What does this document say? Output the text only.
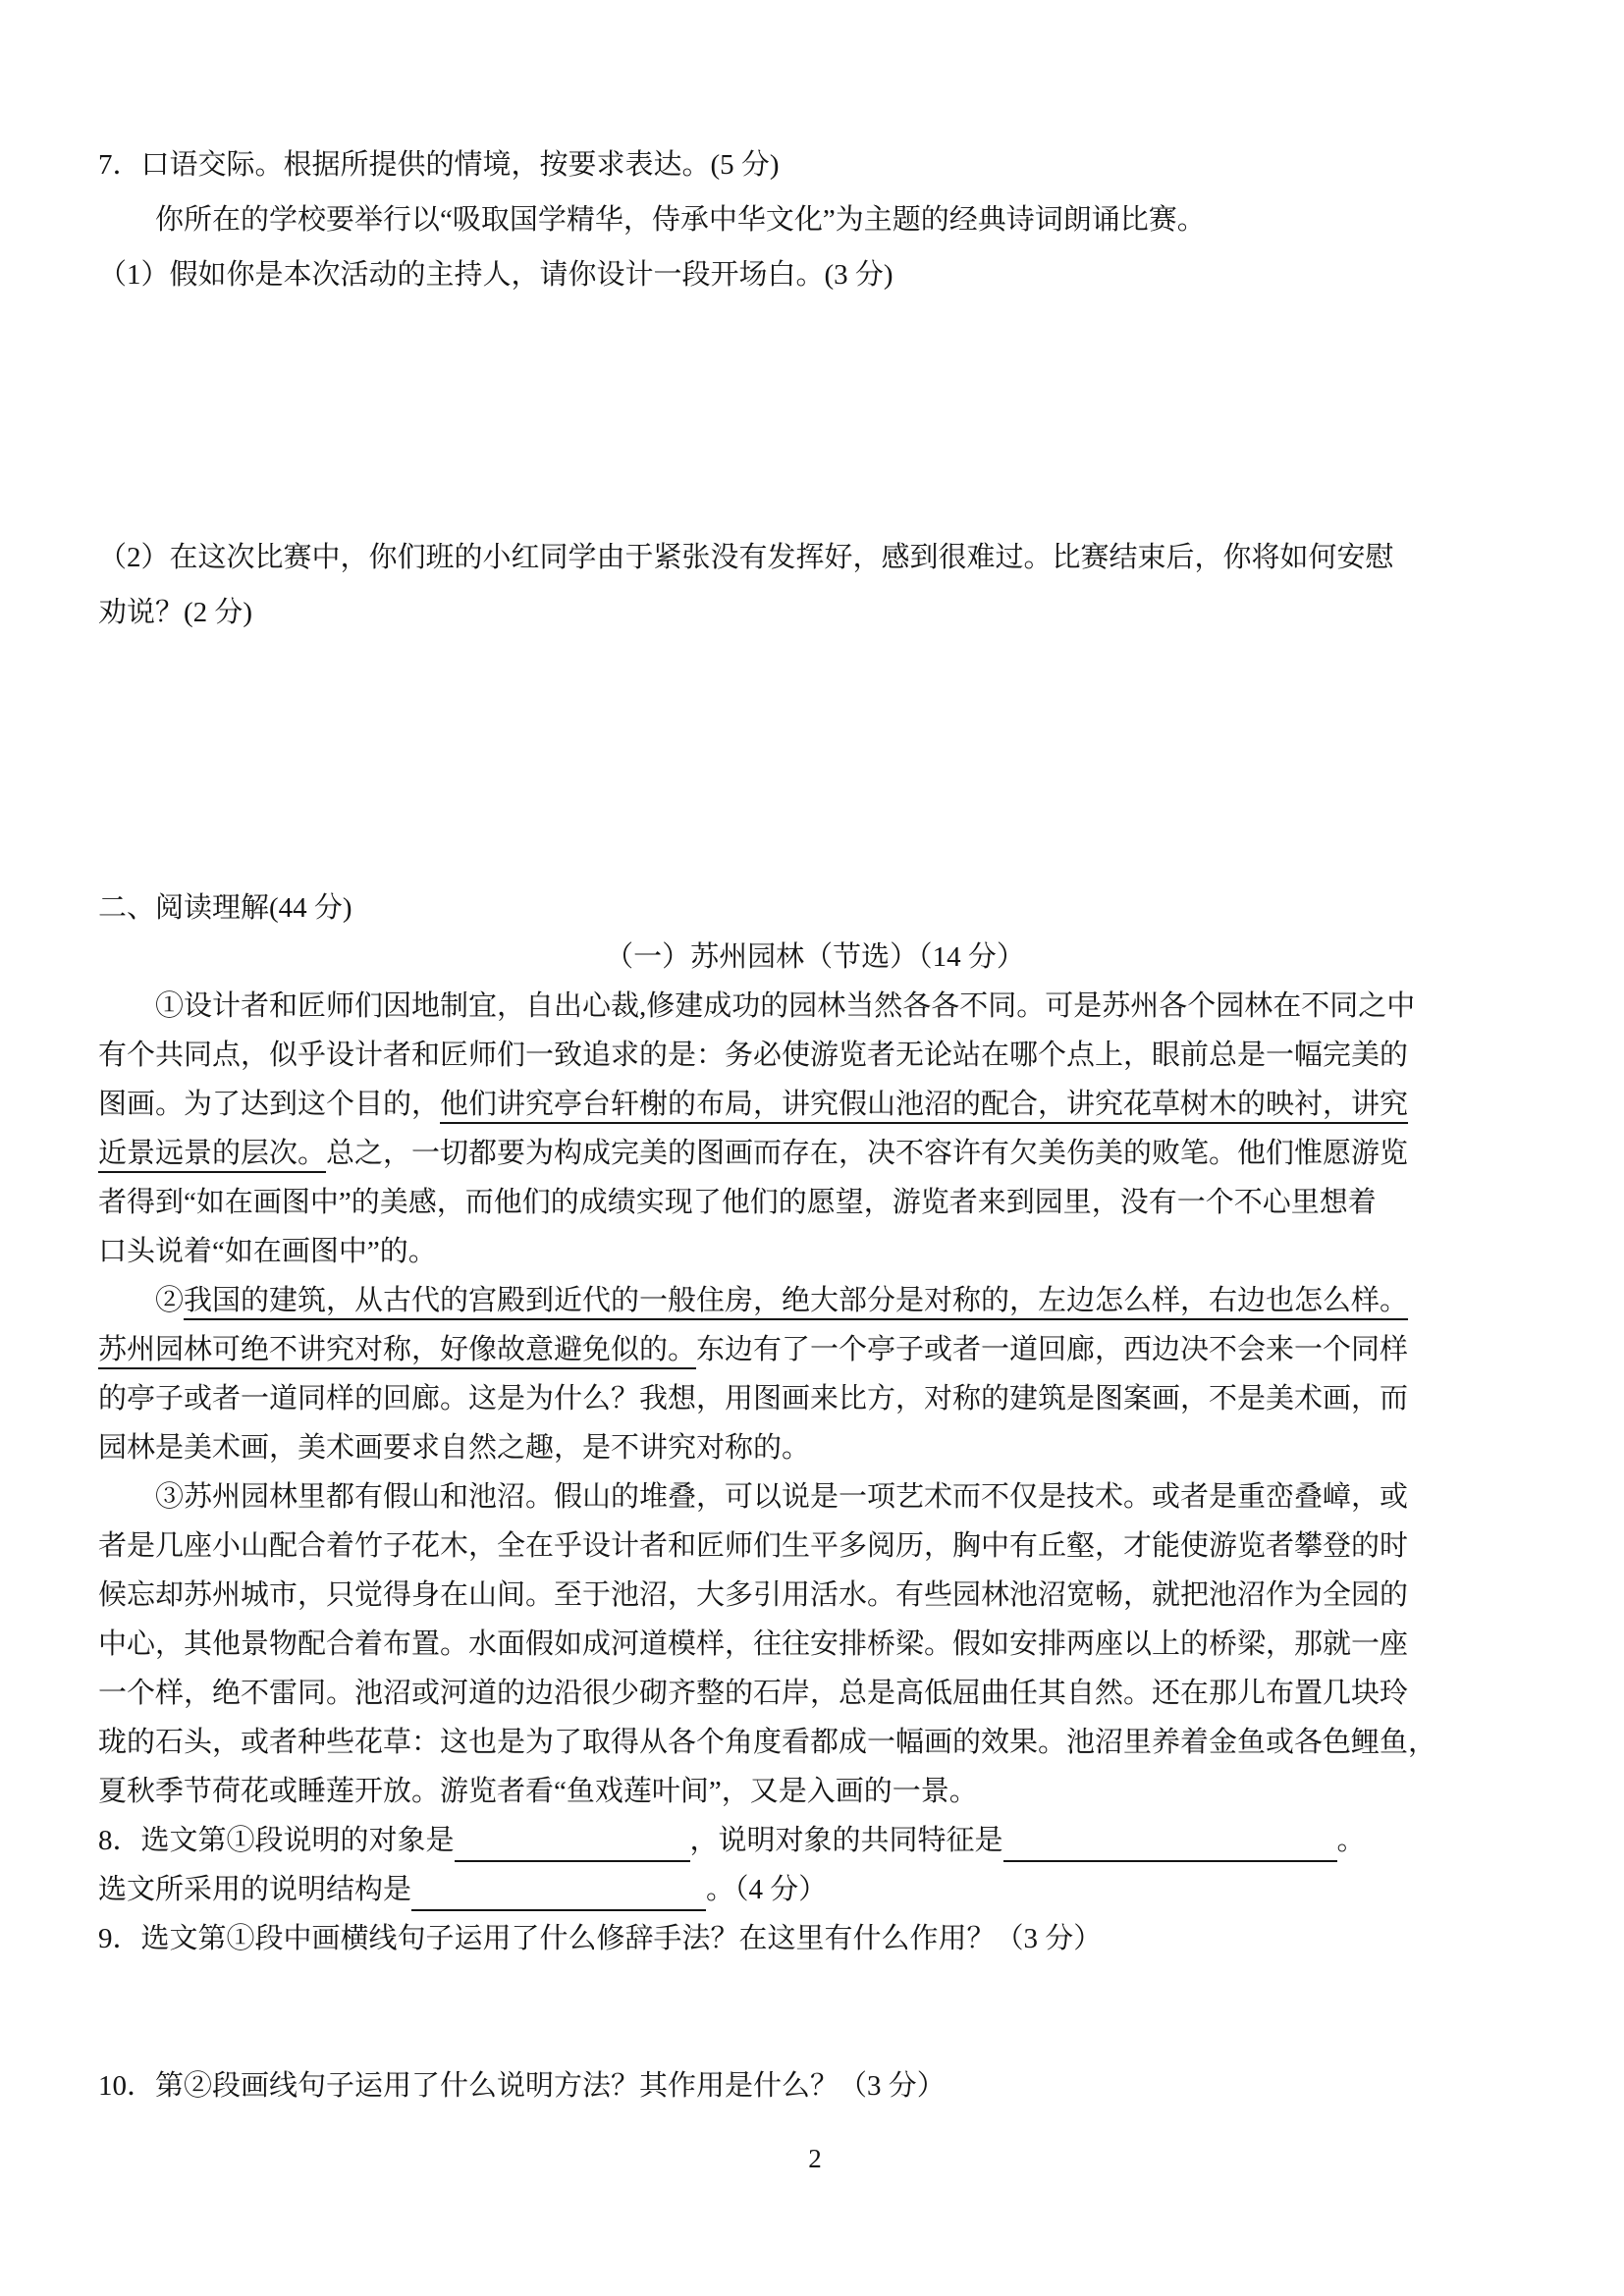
7．口语交际。根据所提供的情境，按要求表达。(5 分)
　　你所在的学校要举行以“吸取国学精华，侍承中华文化”为主题的经典诗词朗诵比赛。
（1）假如你是本次活动的主持人，请你设计一段开场白。(3 分)
（2）在这次比赛中，你们班的小红同学由于紧张没有发挥好，感到很难过。比赛结束后，你将如何安慰
劝说？(2 分)
二、阅读理解(44 分)
（一）苏州园林（节选）（14 分）
　　①设计者和匠师们因地制宜，自出心裁,修建成功的园林当然各各不同。可是苏州各个园林在不同之中
有个共同点，似乎设计者和匠师们一致追求的是：务必使游览者无论站在哪个点上，眼前总是一幅完美的
图画。为了达到这个目的，他们讲究亭台轩榭的布局，讲究假山池沼的配合，讲究花草树木的映衬，讲究
近景远景的层次。总之，一切都要为构成完美的图画而存在，决不容许有欠美伤美的败笔。他们惟愿游览
者得到“如在画图中”的美感，而他们的成绩实现了他们的愿望，游览者来到园里，没有一个不心里想着
口头说着“如在画图中”的。
　　②我国的建筑，从古代的宫殿到近代的一般住房，绝大部分是对称的，左边怎么样，右边也怎么样。
苏州园林可绝不讲究对称，好像故意避免似的。东边有了一个亭子或者一道回廊，西边决不会来一个同样
的亭子或者一道同样的回廊。这是为什么？我想，用图画来比方，对称的建筑是图案画，不是美术画，而
园林是美术画，美术画要求自然之趣，是不讲究对称的。
　　③苏州园林里都有假山和池沼。假山的堆叠，可以说是一项艺术而不仅是技术。或者是重峦叠嶂，或
者是几座小山配合着竹子花木，全在乎设计者和匠师们生平多阅历，胸中有丘壑，才能使游览者攀登的时
候忘却苏州城市，只觉得身在山间。至于池沼，大多引用活水。有些园林池沼宽畅，就把池沼作为全园的
中心，其他景物配合着布置。水面假如成河道模样，往往安排桥梁。假如安排两座以上的桥梁，那就一座
一个样，绝不雷同。池沼或河道的边沿很少砌齐整的石岸，总是高低屈曲任其自然。还在那儿布置几块玲
珑的石头，或者种些花草：这也是为了取得从各个角度看都成一幅画的效果。池沼里养着金鱼或各色鲤鱼，
夏秋季节荷花或睡莲开放。游览者看“鱼戏莲叶间”，又是入画的一景。
8．选文第①段说明的对象是	，说明对象的共同特征是	。
选文所采用的说明结构是	。（4 分）
9．选文第①段中画横线句子运用了什么修辞手法？在这里有什么作用？（3 分）
10．第②段画线句子运用了什么说明方法？其作用是什么？（3 分）
2
